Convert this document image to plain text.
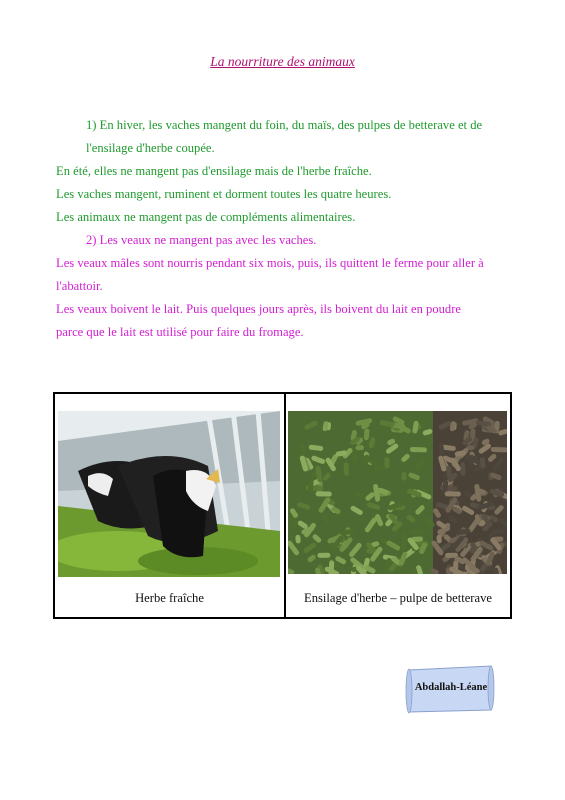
La nourriture des animaux
1) En hiver, les vaches mangent du foin, du maïs, des pulpes de betterave et de
l'ensilage d'herbe coupée.
En été, elles ne mangent pas d'ensilage mais de l'herbe fraîche.
Les vaches mangent, ruminent et dorment toutes les quatre heures.
Les animaux ne mangent pas de compléments alimentaires.
2) Les veaux ne mangent pas avec les vaches.
Les veaux mâles sont nourris pendant six mois, puis, ils quittent le ferme pour aller à
l'abattoir.
Les veaux boivent le lait. Puis quelques jours après, ils boivent du lait en poudre
parce que le lait est utilisé pour faire du fromage.
Herbe fraîche	Ensilage d'herbe – pulpe de betterave
Abdallah-Léane
